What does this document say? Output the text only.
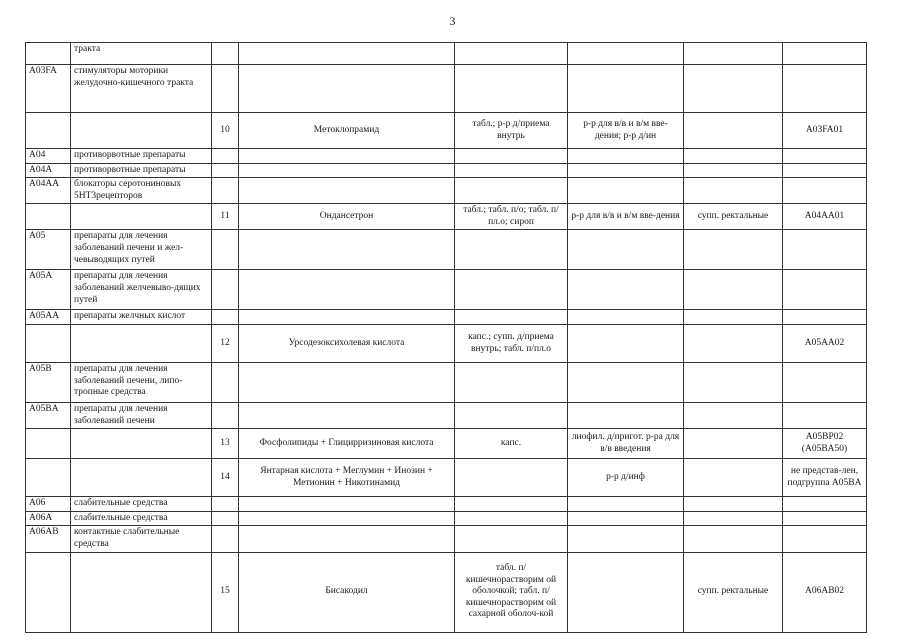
3
	тракта						
A03FA	стимуляторы моторики желудочно-кишечного тракта						
		10	Метоклопрамид	табл.; р-р д/приема внутрь	р-р для в/в и в/м вве-дения; р-р д/ин		A03FA01
A04	противорвотные препараты						
A04A	противорвотные препараты						
A04AA	блокаторы серотониновых 5НТ3рецепторов						
		11	Ондансетрон	табл.; табл. п/о; табл. п/пл.о; сироп	р-р для в/в и в/м вве-дения	супп. ректальные	A04AA01
A05	препараты для лечения заболеваний печени и жел-чевыводящих путей						
A05A	препараты для лечения заболеваний желчевыво-дящих путей						
A05AA	препараты желчных кислот						
		12	Урсодезоксихолевая кислота	капс.; супп. д/приема внутрь; табл. п/пл.о			A05AA02
A05B	препараты для лечения заболеваний печени, липо-тропные средства						
A05BA	препараты для лечения заболеваний печени						
		13	Фосфолипиды + Глицирризиновая кислота	капс.	лиофил. д/пригот. р-ра для в/в введения		A05BP02 (A05BA50)
		14	Янтарная кислота + Меглумин + Инозин + Метионин + Никотинамид		р-р д/инф		не представ-лен, подгруппа A05BA
A06	слабительные средства						
A06A	слабительные средства						
A06AB	контактные слабительные средства						
		15	Бисакодил	табл. п/кишечнорастворим ой оболочкой; табл. п/кишечнорастворим ой сахарной оболоч-кой		супп. ректальные	A06AB02
